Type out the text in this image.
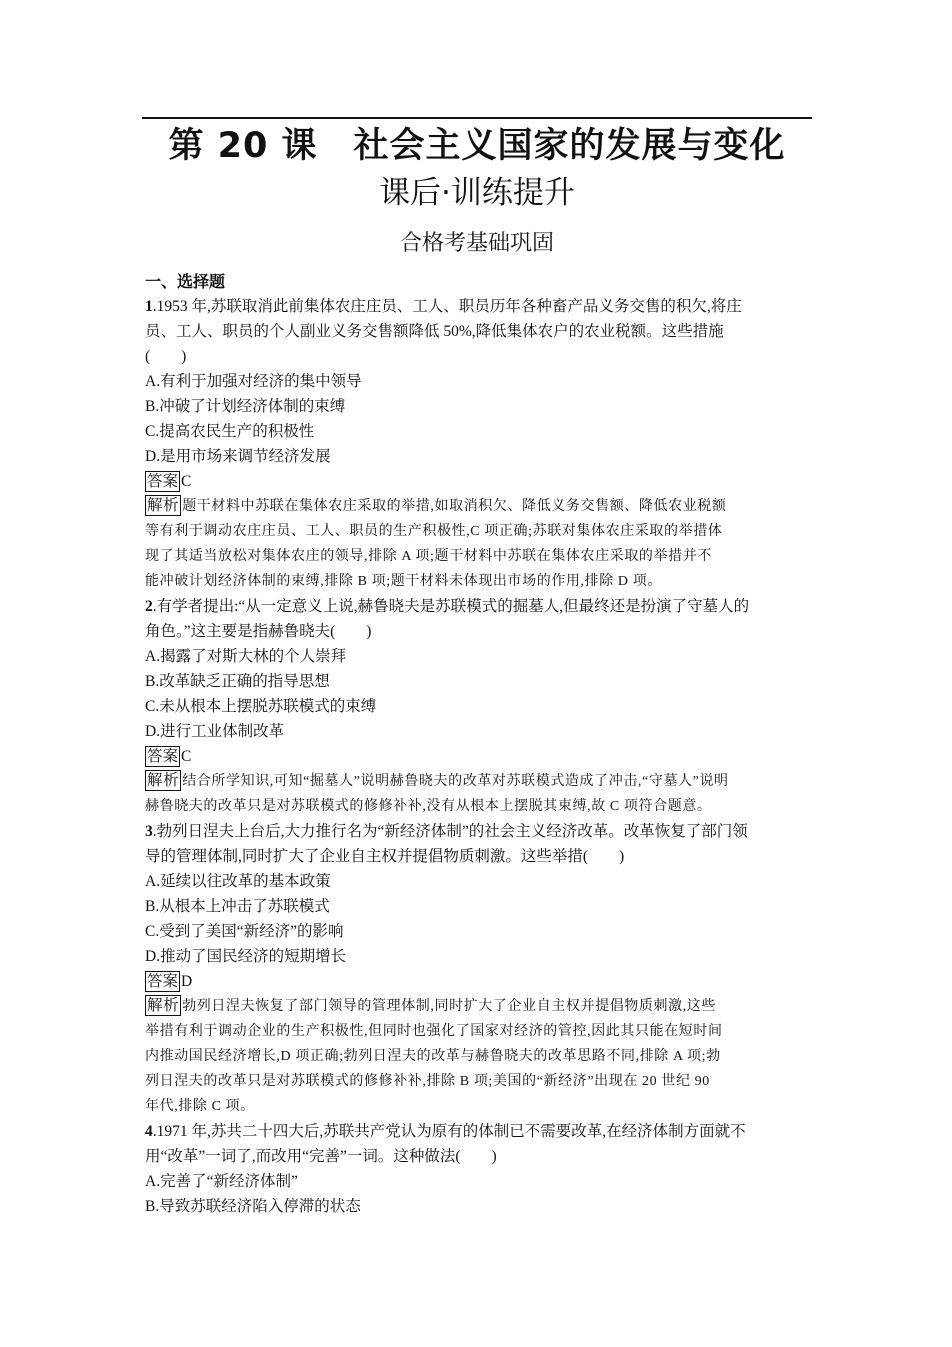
第 20 课　社会主义国家的发展与变化
课后·训练提升
合格考基础巩固
一、选择题
1.1953 年,苏联取消此前集体农庄庄员、工人、职员历年各种畜产品义务交售的积欠,将庄
员、工人、职员的个人副业义务交售额降低 50%,降低集体农户的农业税额。这些措施
(　　)
A.有利于加强对经济的集中领导
B.冲破了计划经济体制的束缚
C.提高农民生产的积极性
D.是用市场来调节经济发展
答案 C
解析 题干材料中苏联在集体农庄采取的举措,如取消积欠、降低义务交售额、降低农业税额
等有利于调动农庄庄员、工人、职员的生产积极性,C 项正确;苏联对集体农庄采取的举措体
现了其适当放松对集体农庄的领导,排除 A 项;题干材料中苏联在集体农庄采取的举措并不
能冲破计划经济体制的束缚,排除 B 项;题干材料未体现出市场的作用,排除 D 项。
2.有学者提出:“从一定意义上说,赫鲁晓夫是苏联模式的掘墓人,但最终还是扮演了守墓人的
角色。”这主要是指赫鲁晓夫(　　)
A.揭露了对斯大林的个人崇拜
B.改革缺乏正确的指导思想
C.未从根本上摆脱苏联模式的束缚
D.进行工业体制改革
答案 C
解析 结合所学知识,可知“掘墓人”说明赫鲁晓夫的改革对苏联模式造成了冲击,“守墓人”说明
赫鲁晓夫的改革只是对苏联模式的修修补补,没有从根本上摆脱其束缚,故 C 项符合题意。
3.勃列日涅夫上台后,大力推行名为“新经济体制”的社会主义经济改革。改革恢复了部门领
导的管理体制,同时扩大了企业自主权并提倡物质刺激。这些举措(　　)
A.延续以往改革的基本政策
B.从根本上冲击了苏联模式
C.受到了美国“新经济”的影响
D.推动了国民经济的短期增长
答案 D
解析 勃列日涅夫恢复了部门领导的管理体制,同时扩大了企业自主权并提倡物质刺激,这些
举措有利于调动企业的生产积极性,但同时也强化了国家对经济的管控,因此其只能在短时间
内推动国民经济增长,D 项正确;勃列日涅夫的改革与赫鲁晓夫的改革思路不同,排除 A 项;勃
列日涅夫的改革只是对苏联模式的修修补补,排除 B 项;美国的“新经济”出现在 20 世纪 90
年代,排除 C 项。
4.1971 年,苏共二十四大后,苏联共产党认为原有的体制已不需要改革,在经济体制方面就不
用“改革”一词了,而改用“完善”一词。这种做法(　　)
A.完善了“新经济体制”
B.导致苏联经济陷入停滞的状态
